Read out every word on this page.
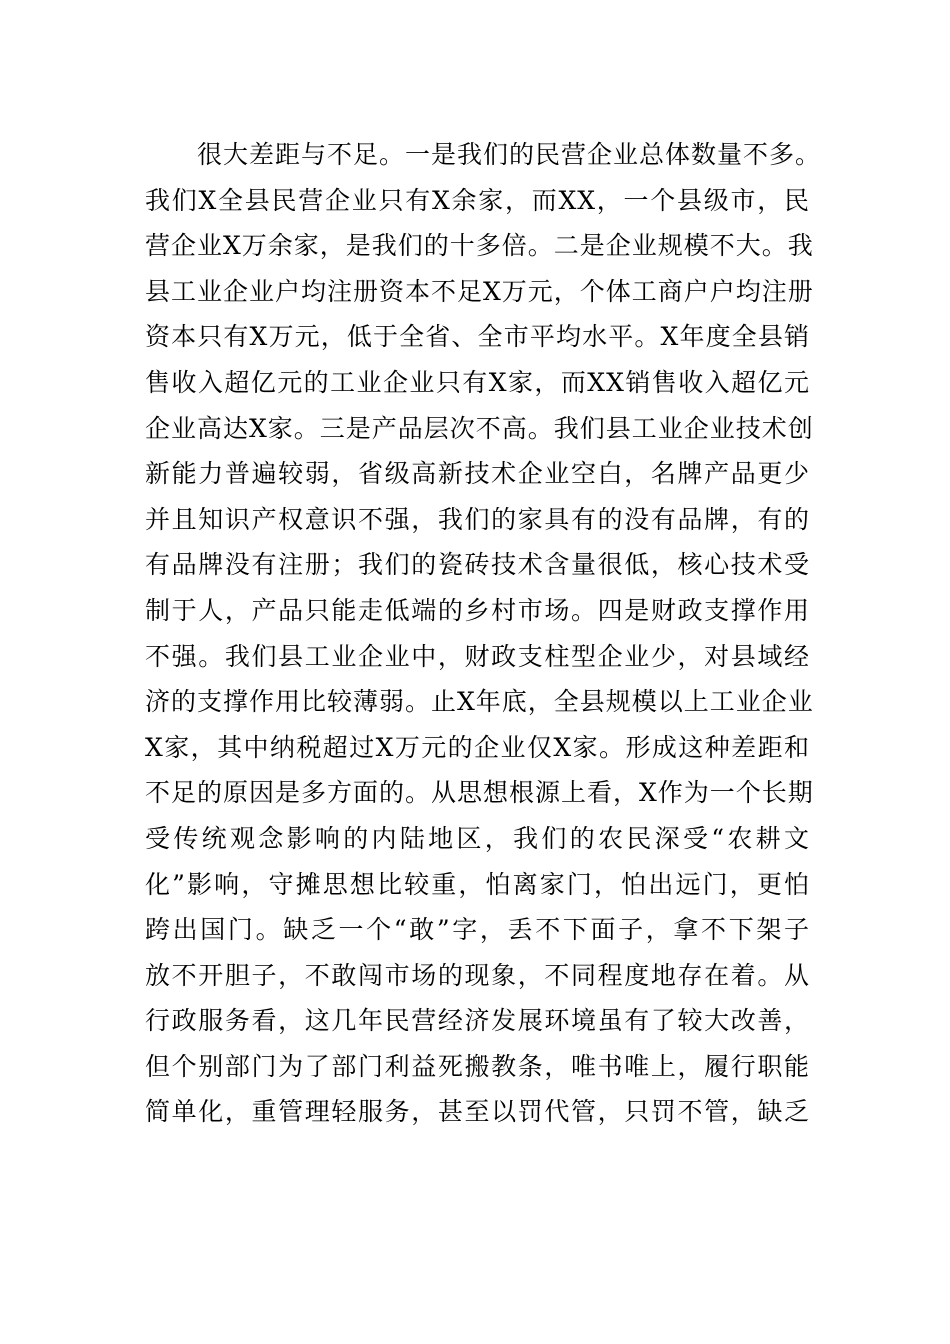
很大差距与不足。一是我们的民营企业总体数量不多。
我们X全县民营企业只有X余家，而XX，一个县级市，民
营企业X万余家，是我们的十多倍。二是企业规模不大。我
县工业企业户均注册资本不足X万元，个体工商户户均注册
资本只有X万元，低于全省、全市平均水平。X年度全县销
售收入超亿元的工业企业只有X家，而XX销售收入超亿元
企业高达X家。三是产品层次不高。我们县工业企业技术创
新能力普遍较弱，省级高新技术企业空白，名牌产品更少
并且知识产权意识不强，我们的家具有的没有品牌，有的
有品牌没有注册；我们的瓷砖技术含量很低，核心技术受
制于人，产品只能走低端的乡村市场。四是财政支撑作用
不强。我们县工业企业中，财政支柱型企业少，对县域经
济的支撑作用比较薄弱。止X年底，全县规模以上工业企业
X家，其中纳税超过X万元的企业仅X家。形成这种差距和
不足的原因是多方面的。从思想根源上看，X作为一个长期
受传统观念影响的内陆地区，我们的农民深受“农耕文
化”影响，守摊思想比较重，怕离家门，怕出远门，更怕
跨出国门。缺乏一个“敢”字，丢不下面子，拿不下架子
放不开胆子，不敢闯市场的现象，不同程度地存在着。从
行政服务看，这几年民营经济发展环境虽有了较大改善，
但个别部门为了部门利益死搬教条，唯书唯上，履行职能
简单化，重管理轻服务，甚至以罚代管，只罚不管，缺乏
